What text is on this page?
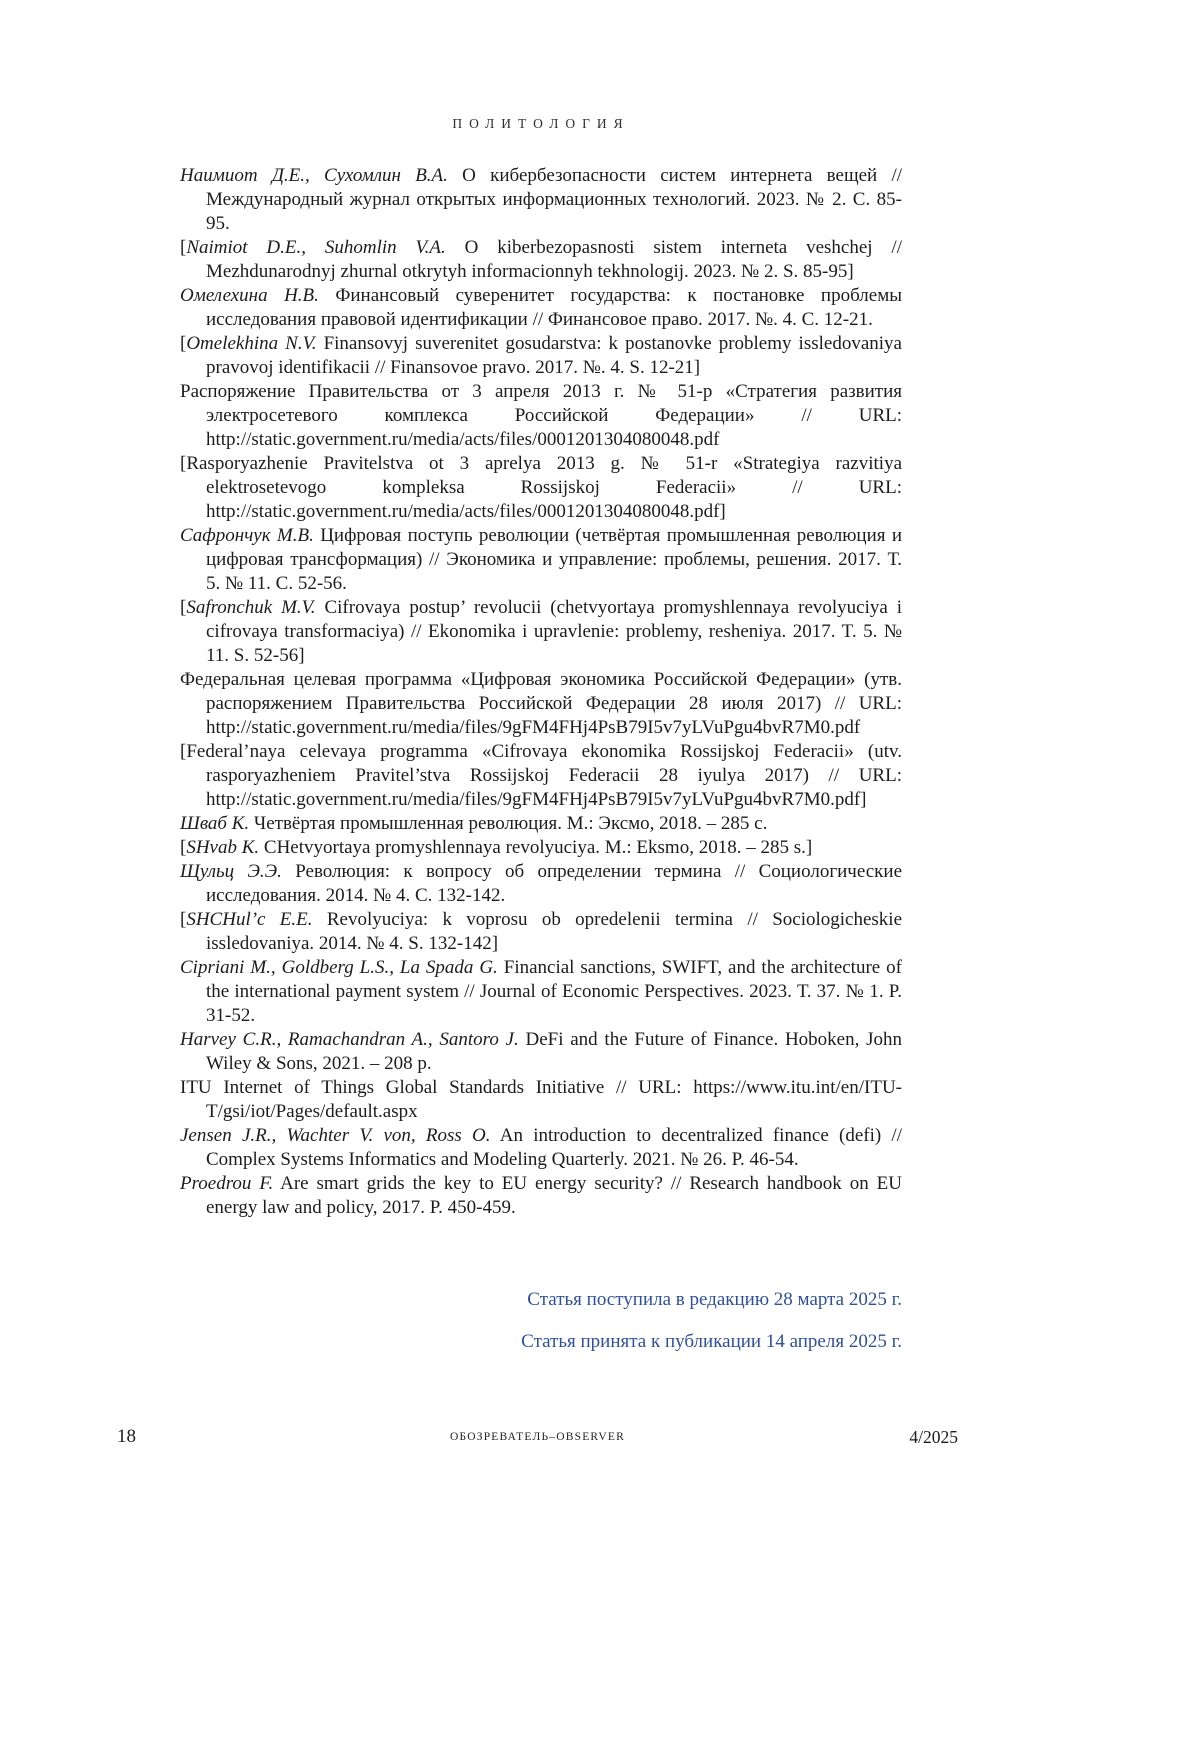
ПОЛИТОЛОГИЯ

Наимиот Д.Е., Сухомлин В.А. О кибербезопасности систем интернета вещей // Международный журнал открытых информационных технологий. 2023. № 2. С. 85-95.

[Naimiot D.E., Suhomlin V.A. O kiberbezopasnosti sistem interneta veshchej // Mezhdunarodnyj zhurnal otkrytyh informacionnyh tekhnologij. 2023. № 2. S. 85-95]

Омелехина Н.В. Финансовый суверенитет государства: к постановке проблемы исследования правовой идентификации // Финансовое право. 2017. №. 4. С. 12-21.

[Omelekhina N.V. Finansovyj suverenitet gosudarstva: k postanovke problemy issledovaniya pravovoj identifikacii // Finansovoe pravo. 2017. №. 4. S. 12-21]

Распоряжение Правительства от 3 апреля 2013 г. № 51-р «Стратегия развития электросетевого комплекса Российской Федерации» // URL: http://static.government.ru/media/acts/files/0001201304080048.pdf

[Rasporyazhenie Pravitelstva ot 3 aprelya 2013 g. № 51-r «Strategiya razvitiya elektrosetevogo kompleksa Rossijskoj Federacii» // URL: http://static.government.ru/media/acts/files/0001201304080048.pdf]

Сафрончук М.В. Цифровая поступь революции (четвёртая промышленная революция и цифровая трансформация) // Экономика и управление: проблемы, решения. 2017. Т. 5. № 11. С. 52-56.

[Safronchuk M.V. Cifrovaya postup’ revolucii (chetvyortaya promyshlennaya revolyuciya i cifrovaya transformaciya) // Ekonomika i upravlenie: problemy, resheniya. 2017. T. 5. № 11. S. 52-56]

Федеральная целевая программа «Цифровая экономика Российской Федерации» (утв. распоряжением Правительства Российской Федерации 28 июля 2017) // URL: http://static.government.ru/media/files/9gFM4FHj4PsB79I5v7yLVuPgu4bvR7M0.pdf

[Federal’naya celevaya programma «Cifrovaya ekonomika Rossijskoj Federacii» (utv. rasporyazheniem Pravitel’stva Rossijskoj Federacii 28 iyulya 2017) // URL: http://static.government.ru/media/files/9gFM4FHj4PsB79I5v7yLVuPgu4bvR7M0.pdf]

Шваб К. Четвёртая промышленная революция. М.: Эксмо, 2018. – 285 с.

[SHvab K. CHetvyortaya promyshlennaya revolyuciya. M.: Eksmo, 2018. – 285 s.]

Щульц Э.Э. Революция: к вопросу об определении термина // Социологические исследования. 2014. № 4. С. 132-142.

[SHCHul’c E.E. Revolyuciya: k voprosu ob opredelenii termina // Sociologicheskie issledovaniya. 2014. № 4. S. 132-142]

Cipriani M., Goldberg L.S., La Spada G. Financial sanctions, SWIFT, and the architecture of the international payment system // Journal of Economic Perspectives. 2023. Т. 37. № 1. P. 31-52.

Harvey C.R., Ramachandran A., Santoro J. DeFi and the Future of Finance. Hoboken, John Wiley & Sons, 2021. – 208 p.

ITU Internet of Things Global Standards Initiative // URL: https://www.itu.int/en/ITU-T/gsi/iot/Pages/default.aspx

Jensen J.R., Wachter V. von, Ross O. An introduction to decentralized finance (defi) // Complex Systems Informatics and Modeling Quarterly. 2021. № 26. P. 46-54.

Proedrou F. Are smart grids the key to EU energy security? // Research handbook on EU energy law and policy, 2017. P. 450-459.

Статья поступила в редакцию 28 марта 2025 г.

Статья принята к публикации 14 апреля 2025 г.

18	ОБОЗРЕВАТЕЛЬ–OBSERVER	4/2025
